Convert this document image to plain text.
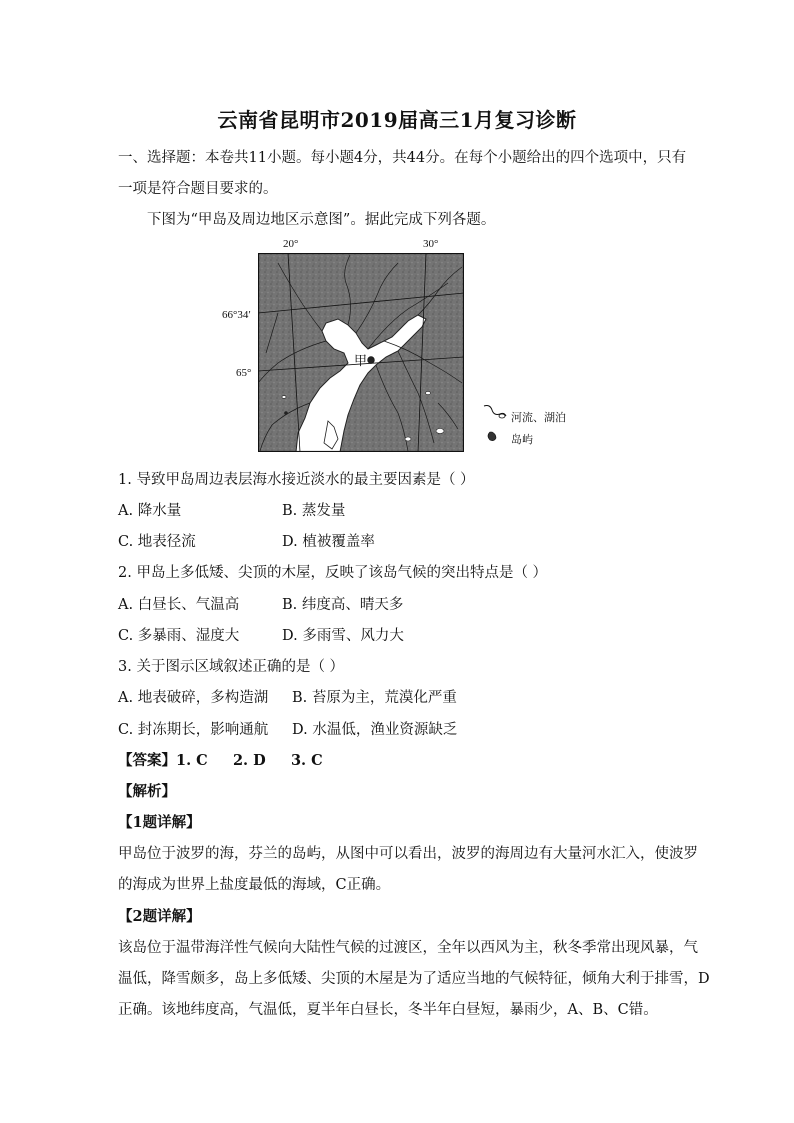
云南省昆明市2019届高三1月复习诊断
一、选择题：本卷共11小题。每小题4分，共44分。在每个小题给出的四个选项中，只有
一项是符合题目要求的。
下图为“甲岛及周边地区示意图”。据此完成下列各题。
20°	30°
66°34′
65°
甲
河流、湖泊
岛屿
1. 导致甲岛周边表层海水接近淡水的最主要因素是（ ）
A. 降水量	B. 蒸发量
C. 地表径流	D. 植被覆盖率
2. 甲岛上多低矮、尖顶的木屋，反映了该岛气候的突出特点是（ ）
A. 白昼长、气温高	B. 纬度高、晴天多
C. 多暴雨、湿度大	D. 多雨雪、风力大
3. 关于图示区域叙述正确的是（ ）
A. 地表破碎，多构造湖 B. 苔原为主，荒漠化严重
C. 封冻期长，影响通航 D. 水温低，渔业资源缺乏
【答案】1. C     2. D     3. C
【解析】
【1题详解】
甲岛位于波罗的海，芬兰的岛屿，从图中可以看出，波罗的海周边有大量河水汇入，使波罗
的海成为世界上盐度最低的海域，C正确。
【2题详解】
该岛位于温带海洋性气候向大陆性气候的过渡区，全年以西风为主，秋冬季常出现风暴，气
温低，降雪颇多，岛上多低矮、尖顶的木屋是为了适应当地的气候特征，倾角大利于排雪，D
正确。该地纬度高，气温低，夏半年白昼长，冬半年白昼短，暴雨少，A、B、C错。
